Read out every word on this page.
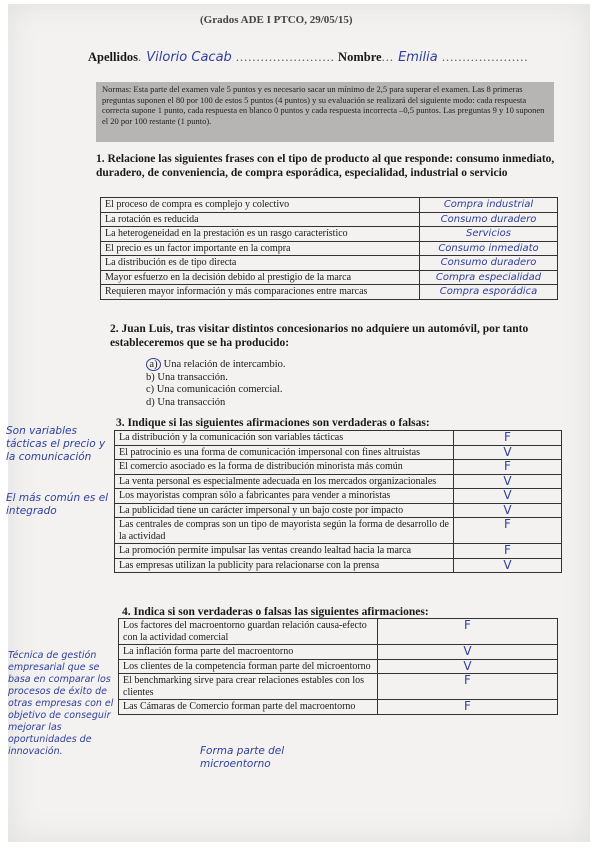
(Grados ADE I PTCO, 29/05/15)
Apellidos. Vilorio Cacab ........................ Nombre... Emilia .....................
Normas: Esta parte del examen vale 5 puntos y es necesario sacar un mínimo de 2,5 para superar el examen. Las 8 primeras preguntas suponen el 80 por 100 de estos 5 puntos (4 puntos) y su evaluación se realizará del siguiente modo: cada respuesta correcta supone 1 punto, cada respuesta en blanco 0 puntos y cada respuesta incorrecta –0,5 puntos. Las preguntas 9 y 10 suponen el 20 por 100 restante (1 punto).
1. Relacione las siguientes frases con el tipo de producto al que responde: consumo inmediato, duradero, de conveniencia, de compra esporádica, especialidad, industrial o servicio
El proceso de compra es complejo y colectivo	Compra industrial
La rotación es reducida	Consumo duradero
La heterogeneidad en la prestación es un rasgo característico	Servicios
El precio es un factor importante en la compra	Consumo inmediato
La distribución es de tipo directa	Consumo duradero
Mayor esfuerzo en la decisión debido al prestigio de la marca	Compra especialidad
Requieren mayor información y más comparaciones entre marcas	Compra esporádica
2. Juan Luis, tras visitar distintos concesionarios no adquiere un automóvil, por tanto estableceremos que se ha producido:
a) Una relación de intercambio.
b) Una transacción.
c) Una comunicación comercial.
d) Una transacción
3. Indique si las siguientes afirmaciones son verdaderas o falsas:
La distribución y la comunicación son variables tácticas	F
El patrocinio es una forma de comunicación impersonal con fines altruistas	V
El comercio asociado es la forma de distribución minorista más común	F
La venta personal es especialmente adecuada en los mercados organizacionales	V
Los mayoristas compran sólo a fabricantes para vender a minoristas	V
La publicidad tiene un carácter impersonal y un bajo coste por impacto	V
Las centrales de compras son un tipo de mayorista según la forma de desarrollo de la actividad	F
La promoción permite impulsar las ventas creando lealtad hacia la marca	F
Las empresas utilizan la publicity para relacionarse con la prensa	V
4. Indica si son verdaderas o falsas las siguientes afirmaciones:
Los factores del macroentorno guardan relación causa-efecto con la actividad comercial	F
La inflación forma parte del macroentorno	V
Los clientes de la competencia forman parte del microentorno	V
El benchmarking sirve para crear relaciones estables con los clientes	F
Las Cámaras de Comercio forman parte del macroentorno	F
Son variables tácticas el precio y la comunicación
El más común es el integrado
Técnica de gestión empresarial que se basa en comparar los procesos de éxito de otras empresas con el objetivo de conseguir mejorar las oportunidades de innovación.	Forma parte del microentorno
